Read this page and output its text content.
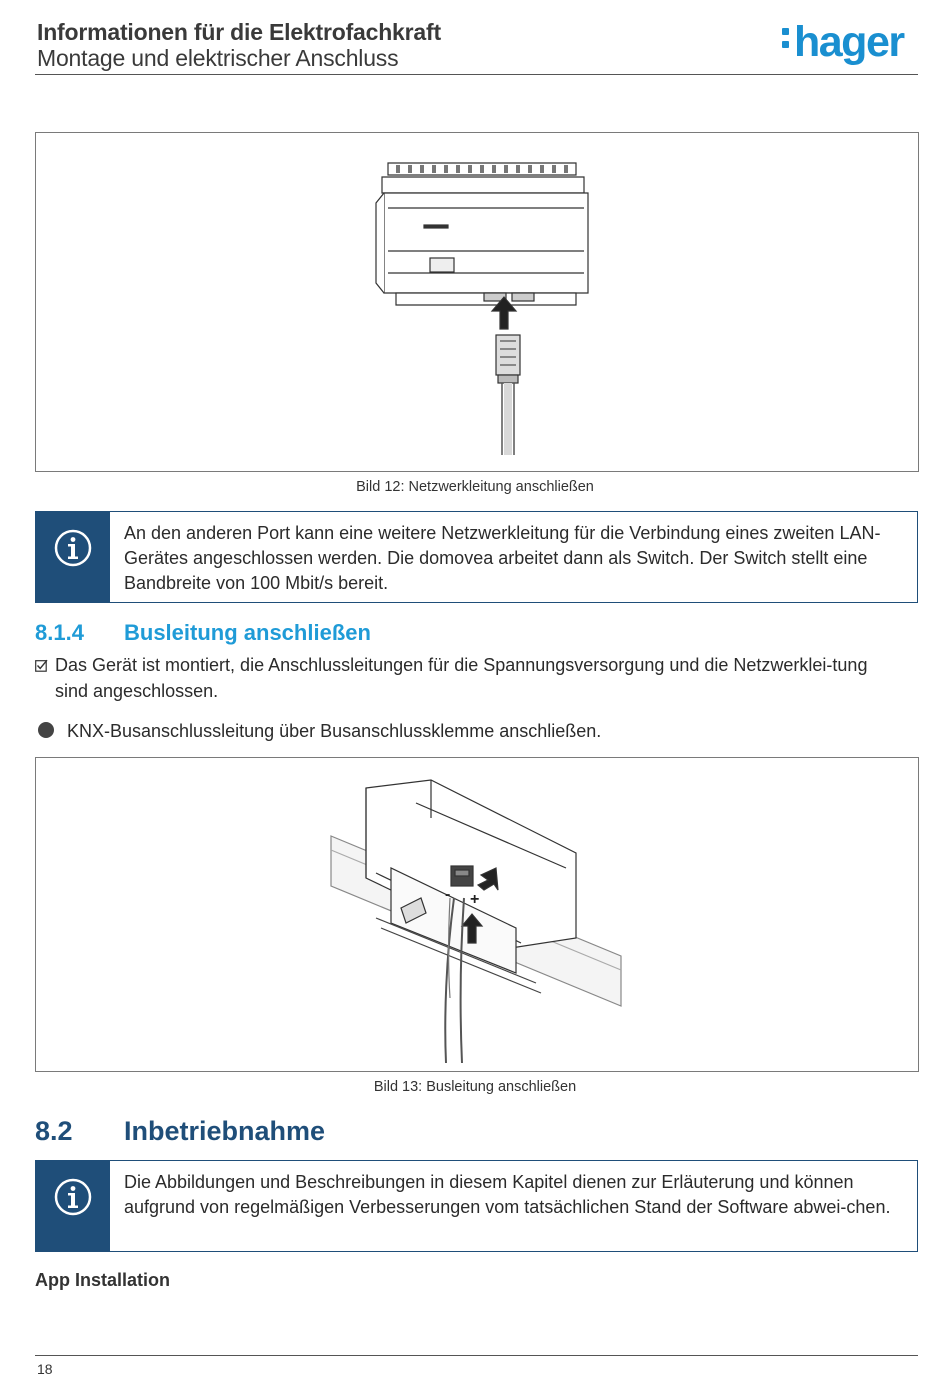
Informationen für die Elektrofachkraft
Montage und elektrischer Anschluss	hager
Bild 12: Netzwerkleitung anschließen
An den anderen Port kann eine weitere Netzwerkleitung für die Verbindung eines zweiten LAN-Gerätes angeschlossen werden. Die domovea arbeitet dann als Switch. Der Switch stellt eine Bandbreite von 100 Mbit/s bereit.
8.1.4 Busleitung anschließen
Das Gerät ist montiert, die Anschlussleitungen für die Spannungsversorgung und die Netzwerklei-tung sind angeschlossen.
KNX-Busanschlussleitung über Busanschlussklemme anschließen.
- +
Bild 13: Busleitung anschließen
8.2 Inbetriebnahme
Die Abbildungen und Beschreibungen in diesem Kapitel dienen zur Erläuterung und können aufgrund von regelmäßigen Verbesserungen vom tatsächlichen Stand der Software abwei-chen.
App Installation
18
